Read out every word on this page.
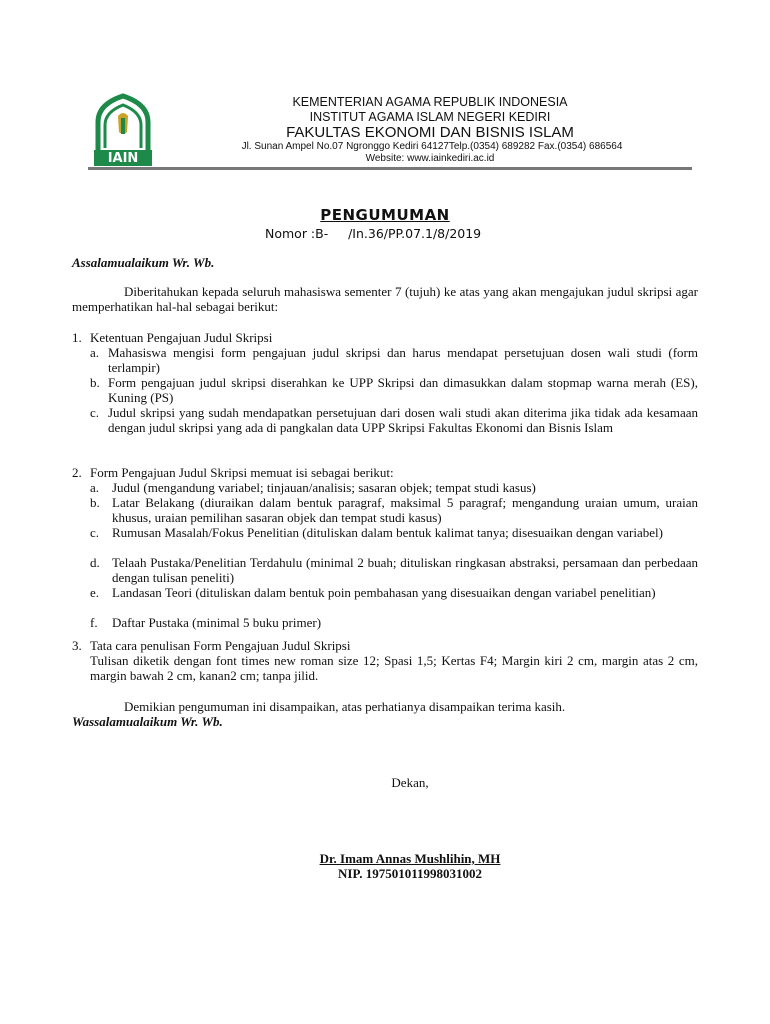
IAIN
KEMENTERIAN AGAMA REPUBLIK INDONESIA
INSTITUT AGAMA ISLAM NEGERI KEDIRI
FAKULTAS EKONOMI DAN BISNIS ISLAM
Jl. Sunan Ampel No.07 Ngronggo Kediri 64127Telp.(0354) 689282 Fax.(0354) 686564
Website: www.iainkediri.ac.id
PENGUMUMAN
Nomor :B-     /In.36/PP.07.1/8/2019
Assalamualaikum Wr. Wb.
Diberitahukan kepada seluruh mahasiswa sementer 7 (tujuh) ke atas yang akan mengajukan judul skripsi agar memperhatikan hal-hal sebagai berikut:
1. Ketentuan Pengajuan Judul Skripsi
a. Mahasiswa mengisi form pengajuan judul skripsi dan harus mendapat persetujuan dosen wali studi (form terlampir)
b. Form pengajuan judul skripsi diserahkan ke UPP Skripsi dan dimasukkan dalam stopmap warna merah (ES), Kuning (PS)
c. Judul skripsi yang sudah mendapatkan persetujuan dari dosen wali studi akan diterima jika tidak ada kesamaan dengan judul skripsi yang ada di pangkalan data UPP Skripsi Fakultas Ekonomi dan Bisnis Islam
2. Form Pengajuan Judul Skripsi memuat isi sebagai berikut:
a. Judul (mengandung variabel; tinjauan/analisis; sasaran objek; tempat studi kasus)
b. Latar Belakang (diuraikan dalam bentuk paragraf, maksimal 5 paragraf; mengandung uraian umum, uraian khusus, uraian pemilihan sasaran objek dan tempat studi kasus)
c. Rumusan Masalah/Fokus Penelitian (dituliskan dalam bentuk kalimat tanya; disesuaikan dengan variabel)
d. Telaah Pustaka/Penelitian Terdahulu (minimal 2 buah; dituliskan ringkasan abstraksi, persamaan dan perbedaan dengan tulisan peneliti)
e. Landasan Teori (dituliskan dalam bentuk poin pembahasan yang disesuaikan dengan variabel penelitian)
f. Daftar Pustaka (minimal 5 buku primer)
3. Tata cara penulisan Form Pengajuan Judul Skripsi
Tulisan diketik dengan font times new roman size 12; Spasi 1,5; Kertas F4; Margin kiri 2 cm, margin atas 2 cm, margin bawah 2 cm, kanan2 cm; tanpa jilid.
Demikian pengumuman ini disampaikan, atas perhatianya disampaikan terima kasih.
Wassalamualaikum Wr. Wb.
Dekan,
Dr. Imam Annas Mushlihin, MH
NIP. 197501011998031002
